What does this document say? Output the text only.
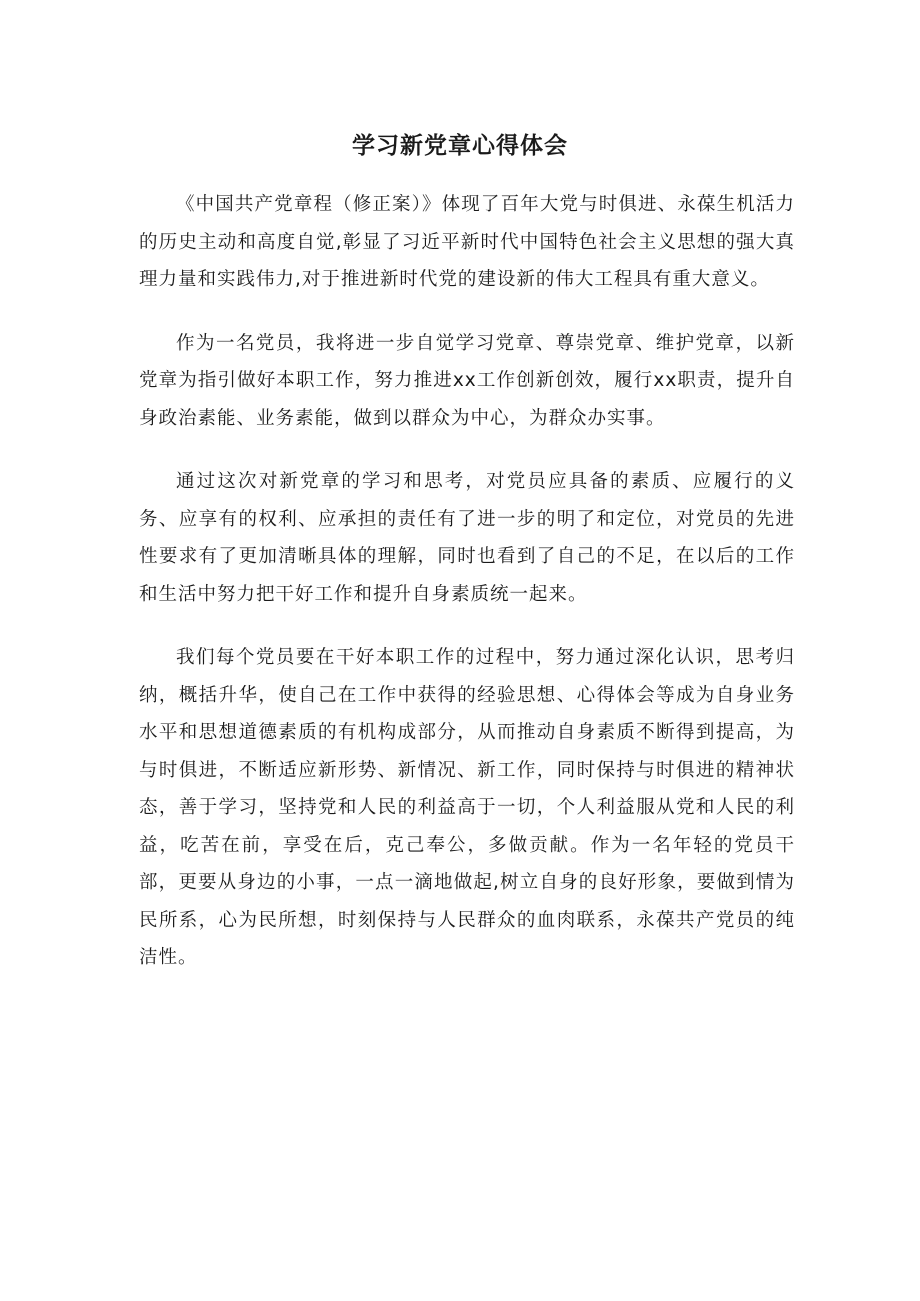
学习新党章心得体会

《中国共产党章程（修正案）》体现了百年大党与时俱进、永葆生机活力的历史主动和高度自觉,彰显了习近平新时代中国特色社会主义思想的强大真理力量和实践伟力,对于推进新时代党的建设新的伟大工程具有重大意义。

作为一名党员，我将进一步自觉学习党章、尊崇党章、维护党章，以新党章为指引做好本职工作，努力推进xx工作创新创效，履行xx职责，提升自身政治素能、业务素能，做到以群众为中心，为群众办实事。

通过这次对新党章的学习和思考，对党员应具备的素质、应履行的义务、应享有的权利、应承担的责任有了进一步的明了和定位，对党员的先进性要求有了更加清晰具体的理解，同时也看到了自己的不足，在以后的工作和生活中努力把干好工作和提升自身素质统一起来。

我们每个党员要在干好本职工作的过程中，努力通过深化认识，思考归纳，概括升华，使自己在工作中获得的经验思想、心得体会等成为自身业务水平和思想道德素质的有机构成部分，从而推动自身素质不断得到提高，为与时俱进，不断适应新形势、新情况、新工作，同时保持与时俱进的精神状态，善于学习，坚持党和人民的利益高于一切，个人利益服从党和人民的利益，吃苦在前，享受在后，克己奉公，多做贡献。作为一名年轻的党员干部，更要从身边的小事，一点一滴地做起,树立自身的良好形象，要做到情为民所系，心为民所想，时刻保持与人民群众的血肉联系，永葆共产党员的纯洁性。
